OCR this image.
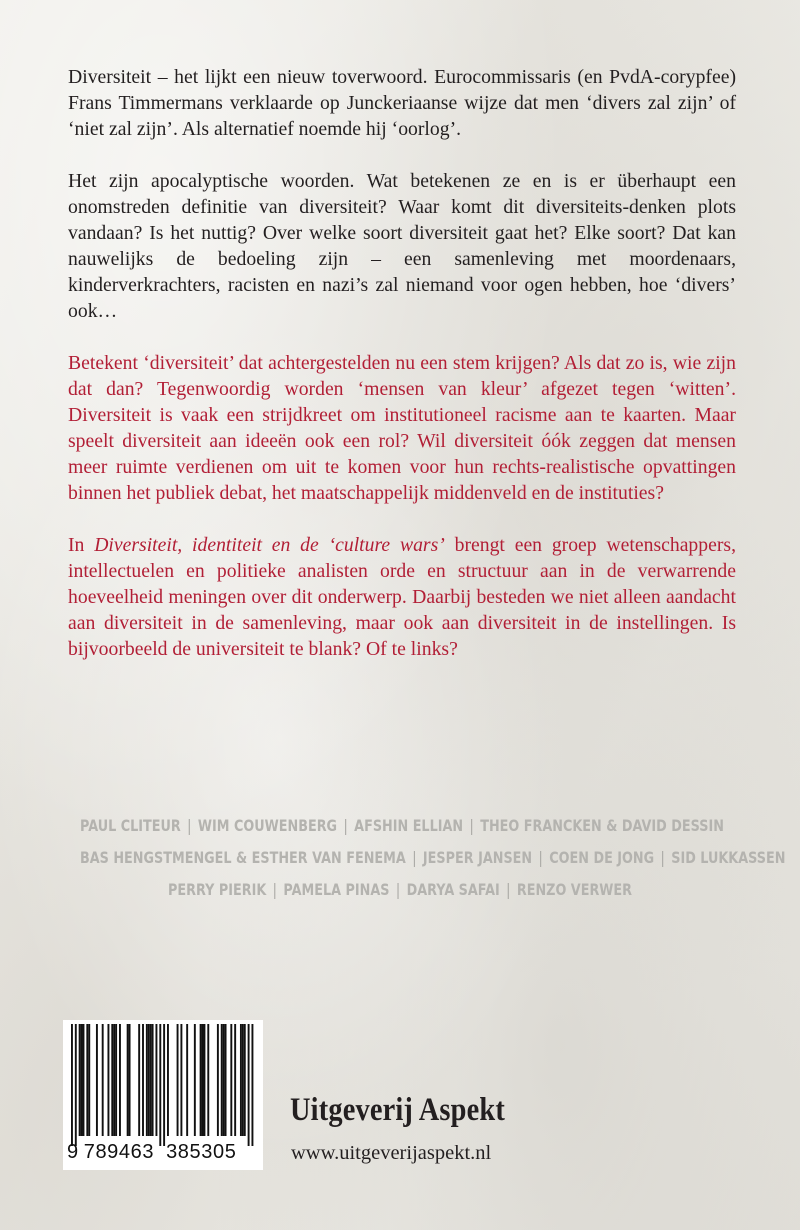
Diversiteit – het lijkt een nieuw toverwoord. Eurocommissaris (en PvdA-corypfee) Frans Timmermans verklaarde op Junckeriaanse wijze dat men ‘divers zal zijn’ of ‘niet zal zijn’. Als alternatief noemde hij ‘oorlog’.

Het zijn apocalyptische woorden. Wat betekenen ze en is er überhaupt een onomstreden definitie van diversiteit? Waar komt dit diversiteits-denken plots vandaan? Is het nuttig? Over welke soort diversiteit gaat het? Elke soort? Dat kan nauwelijks de bedoeling zijn – een samenleving met moordenaars, kinderverkrachters, racisten en nazi’s zal niemand voor ogen hebben, hoe ‘divers’ ook…

Betekent ‘diversiteit’ dat achtergestelden nu een stem krijgen? Als dat zo is, wie zijn dat dan? Tegenwoordig worden ‘mensen van kleur’ afgezet tegen ‘witten’. Diversiteit is vaak een strijdkreet om institutioneel racisme aan te kaarten. Maar speelt diversiteit aan ideeën ook een rol? Wil diversiteit óók zeggen dat mensen meer ruimte verdienen om uit te komen voor hun rechts-realistische opvattingen binnen het publiek debat, het maatschappelijk middenveld en de instituties?

In Diversiteit, identiteit en de ‘culture wars’ brengt een groep wetenschappers, intellectuelen en politieke analisten orde en structuur aan in de verwarrende hoeveelheid meningen over dit onderwerp. Daarbij besteden we niet alleen aandacht aan diversiteit in de samenleving, maar ook aan diversiteit in de instellingen. Is bijvoorbeeld de universiteit te blank? Of te links?

PAUL CLITEUR | WIM COUWENBERG | AFSHIN ELLIAN | THEO FRANCKEN & DAVID DESSIN
BAS HENGSTMENGEL & ESTHER VAN FENEMA | JESPER JANSEN | COEN DE JONG | SID LUKKASSEN
PERRY PIERIK | PAMELA PINAS | DARYA SAFAI | RENZO VERWER
9 789463 385305
Uitgeverij Aspekt
www.uitgeverijaspekt.nl
